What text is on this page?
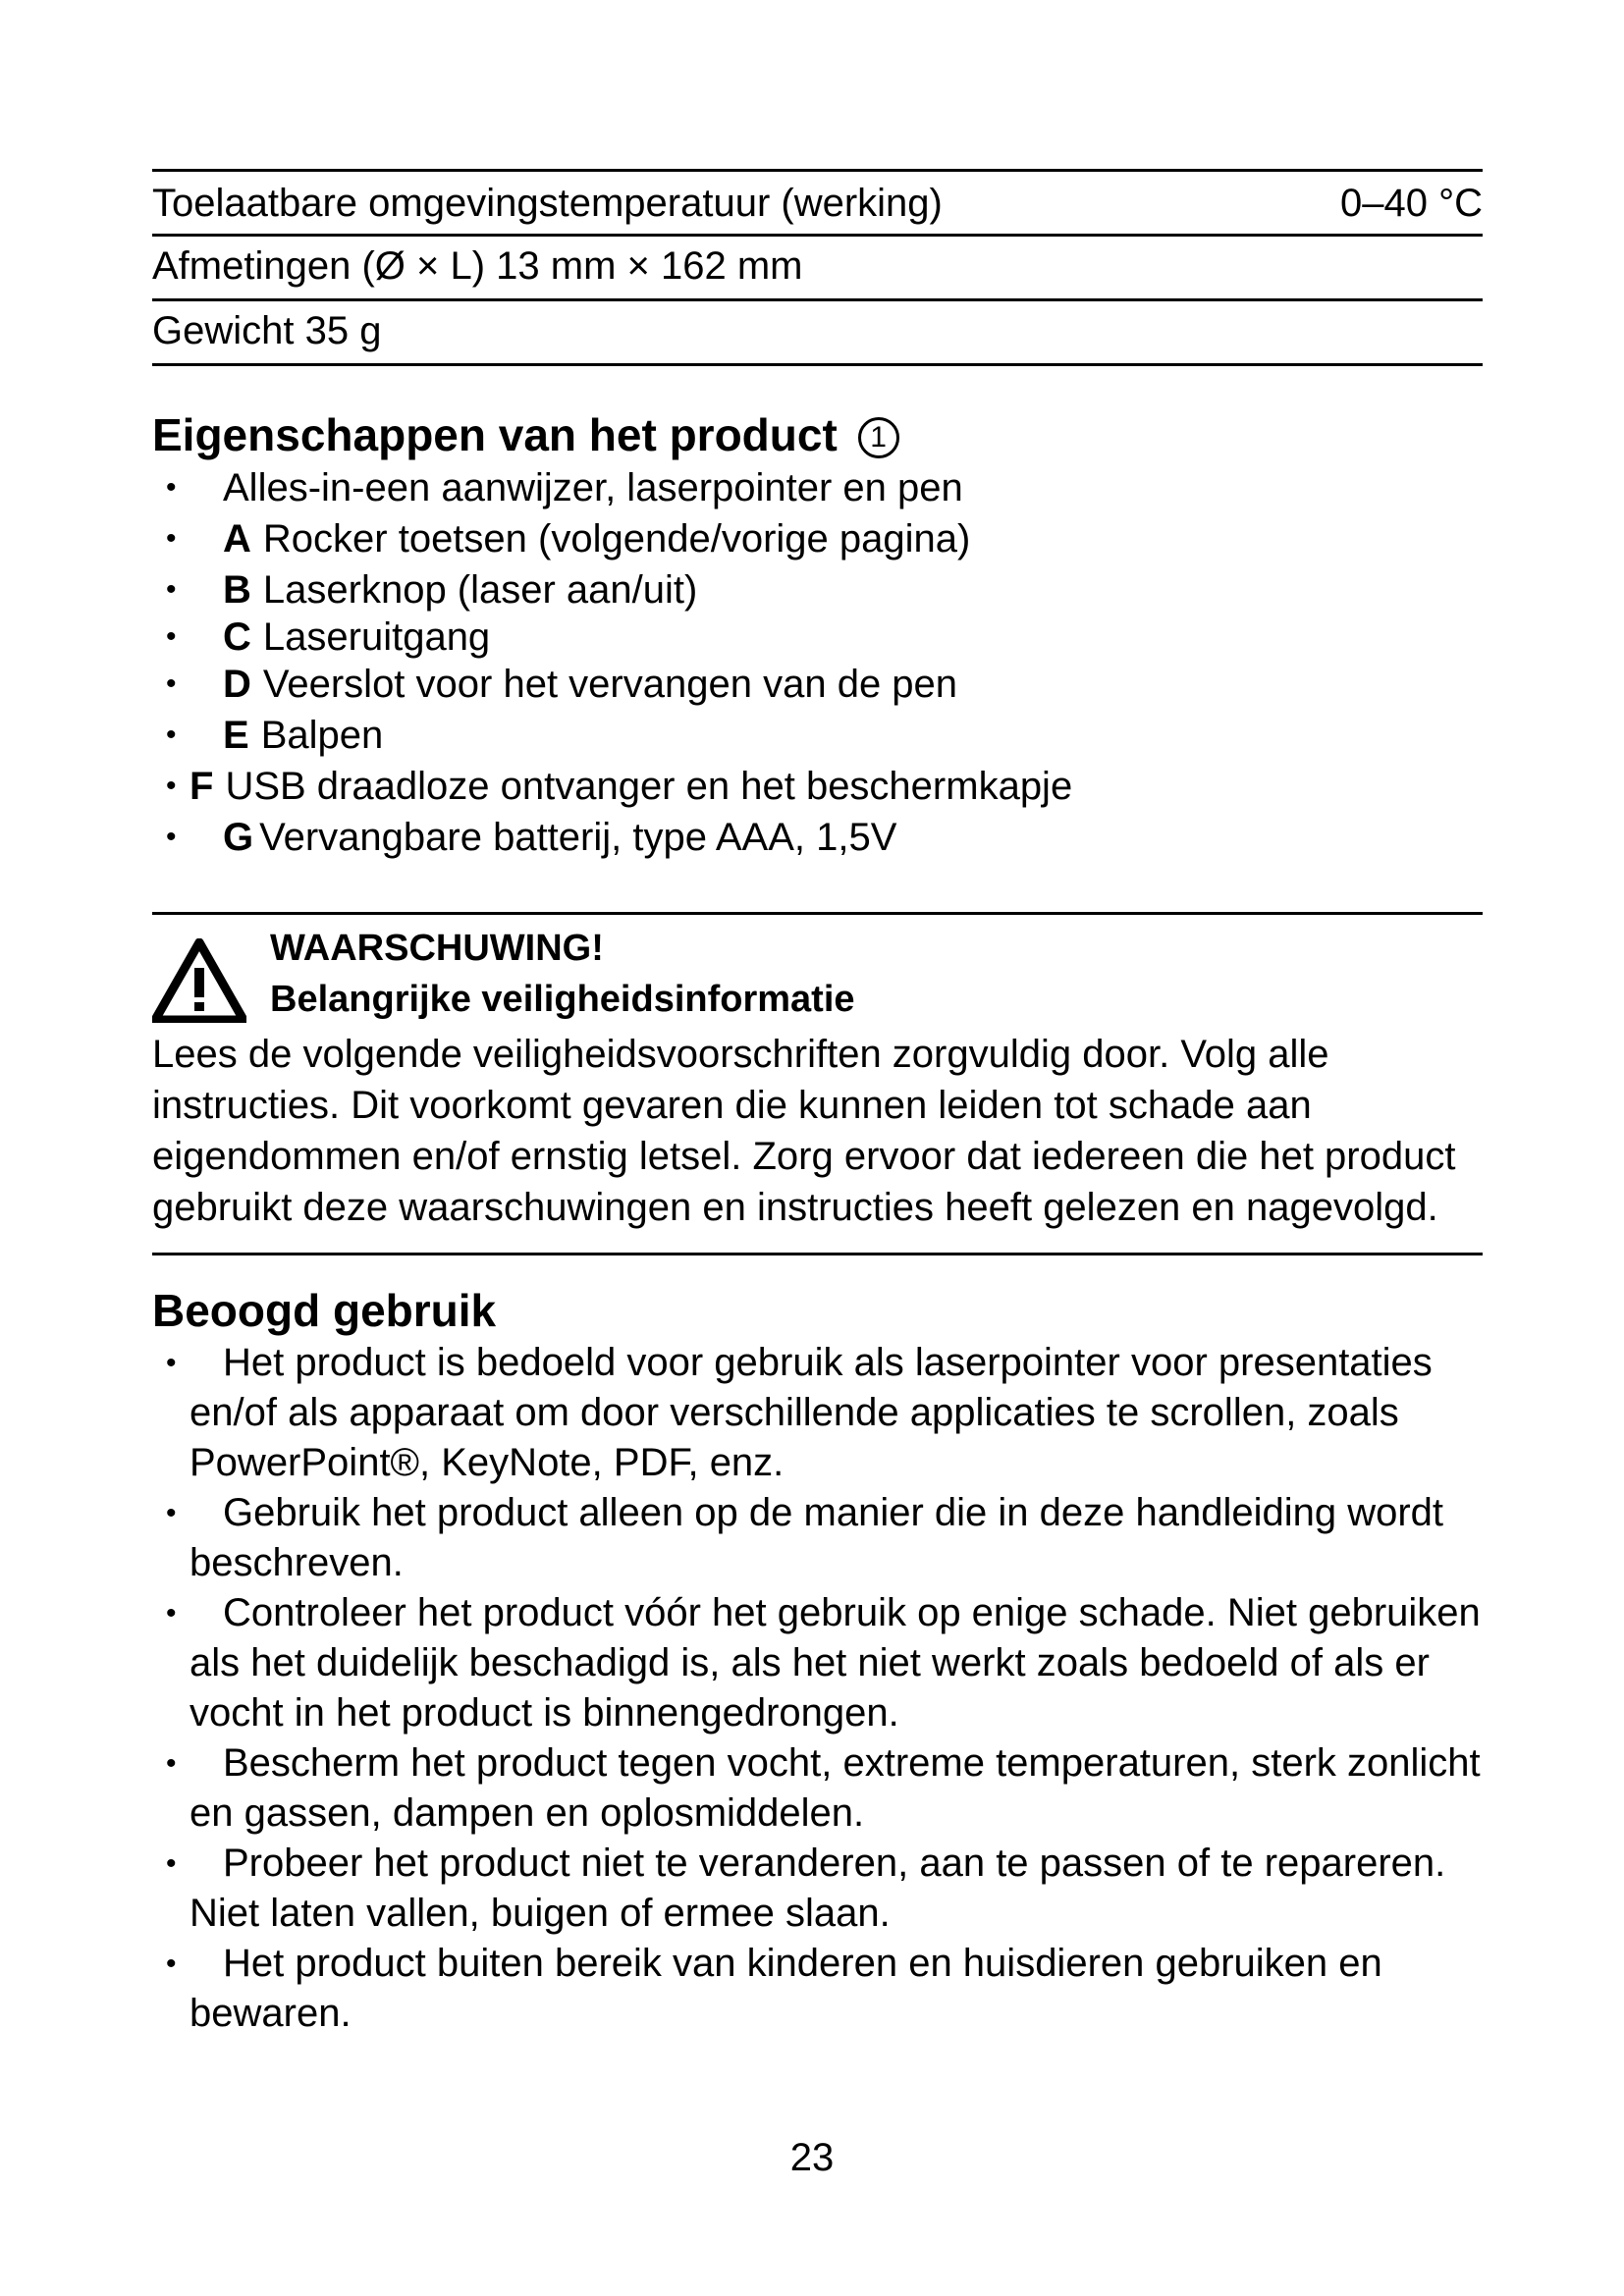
Toelaatbare omgevingstemperatuur (werking)	0–40 °C
Afmetingen (Ø × L) 13 mm × 162 mm
Gewicht 35 g
Eigenschappen van het product 1
• Alles-in-een aanwijzer, laserpointer en pen
• A Rocker toetsen (volgende/vorige pagina)
• B Laserknop (laser aan/uit)
• C Laseruitgang
• D Veerslot voor het vervangen van de pen
• E Balpen
• F USB draadloze ontvanger en het beschermkapje
• G Vervangbare batterij, type AAA, 1,5V
WAARSCHUWING!
Belangrijke veiligheidsinformatie
Lees de volgende veiligheidsvoorschriften zorgvuldig door. Volg alle instructies. Dit voorkomt gevaren die kunnen leiden tot schade aan eigendommen en/of ernstig letsel. Zorg ervoor dat iedereen die het product gebruikt deze waarschuwingen en instructies heeft gelezen en nagevolgd.
Beoogd gebruik
• Het product is bedoeld voor gebruik als laserpointer voor presentaties en/of als apparaat om door verschillende applicaties te scrollen, zoals PowerPoint®, KeyNote, PDF, enz.
• Gebruik het product alleen op de manier die in deze handleiding wordt beschreven.
• Controleer het product vóór het gebruik op enige schade. Niet gebruiken als het duidelijk beschadigd is, als het niet werkt zoals bedoeld of als er vocht in het product is binnengedrongen.
• Bescherm het product tegen vocht, extreme temperaturen, sterk zonlicht en gassen, dampen en oplosmiddelen.
• Probeer het product niet te veranderen, aan te passen of te repareren. Niet laten vallen, buigen of ermee slaan.
• Het product buiten bereik van kinderen en huisdieren gebruiken en bewaren.
23
